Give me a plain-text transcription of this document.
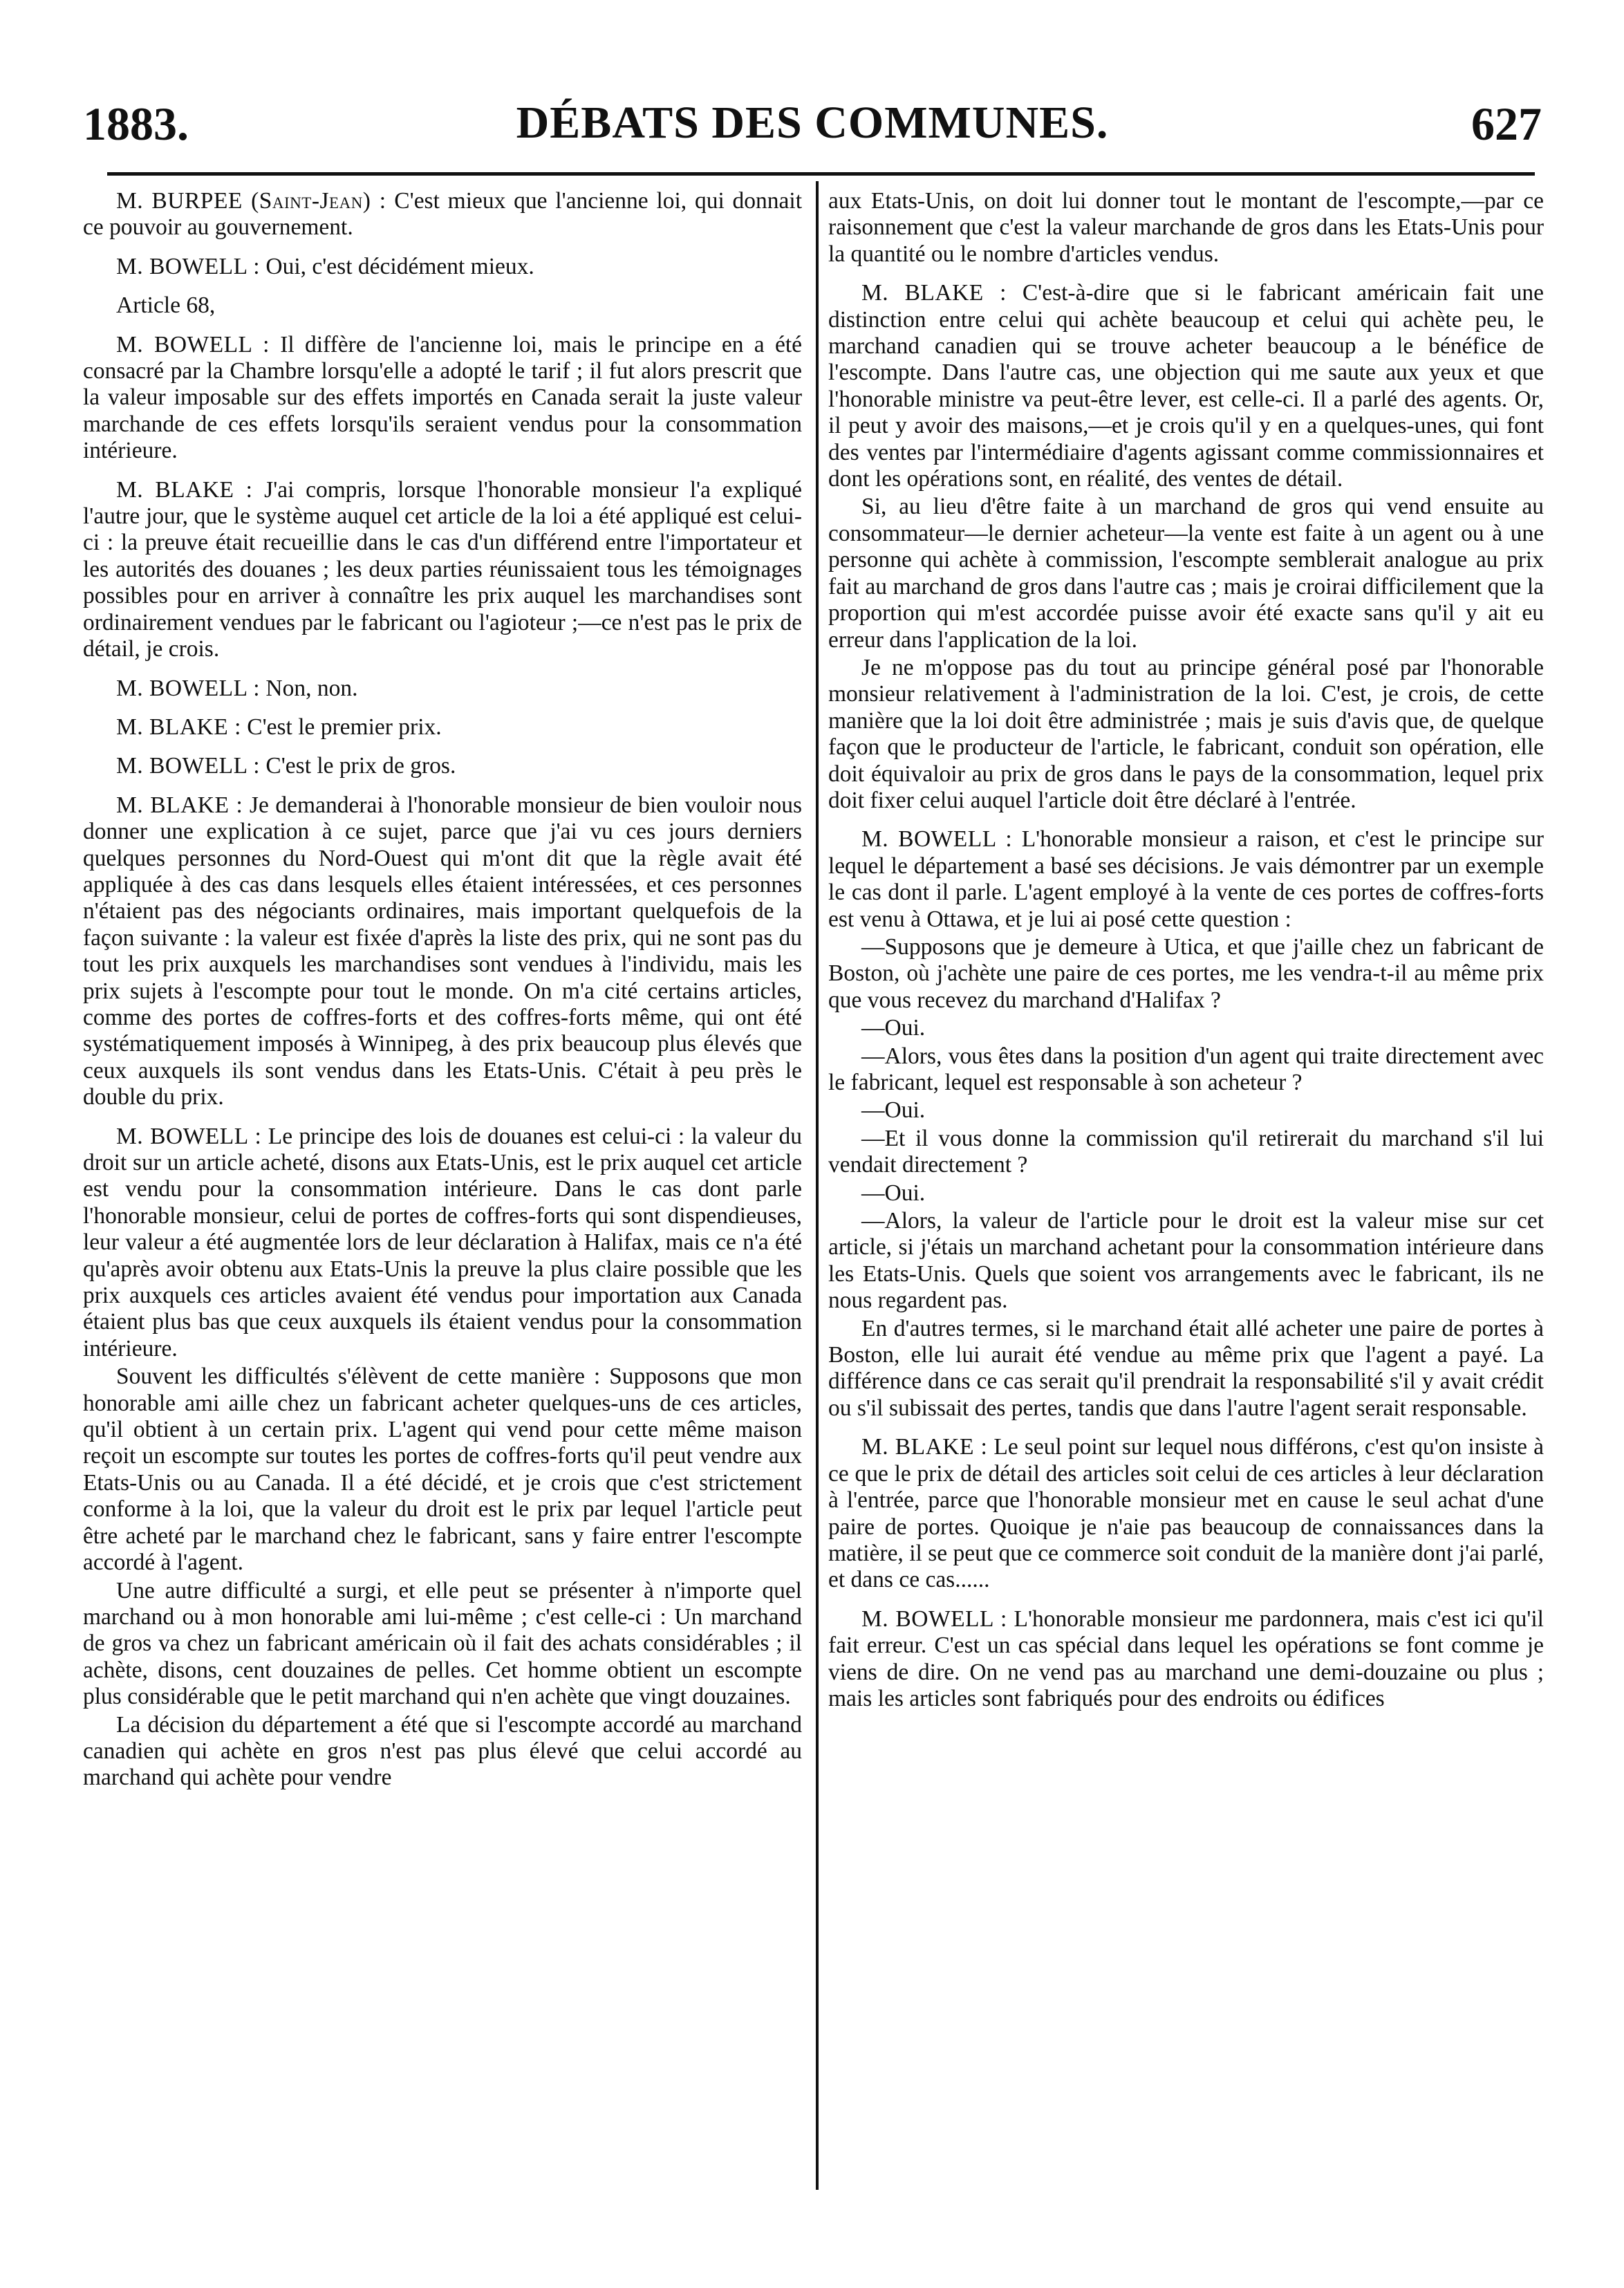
1883.	DÉBATS DES COMMUNES.	627

M. BURPEE (Saint-Jean) : C'est mieux que l'ancienne loi, qui donnait ce pouvoir au gouvernement.

M. BOWELL : Oui, c'est décidément mieux.

Article 68,

M. BOWELL : Il diffère de l'ancienne loi, mais le principe en a été consacré par la Chambre lorsqu'elle a adopté le tarif ; il fut alors prescrit que la valeur imposable sur des effets importés en Canada serait la juste valeur marchande de ces effets lorsqu'ils seraient vendus pour la consommation intérieure.

M. BLAKE : J'ai compris, lorsque l'honorable monsieur l'a expliqué l'autre jour, que le système auquel cet article de la loi a été appliqué est celui-ci : la preuve était recueillie dans le cas d'un différend entre l'importateur et les autorités des douanes ; les deux parties réunissaient tous les témoignages possibles pour en arriver à connaître les prix auquel les marchandises sont ordinairement vendues par le fabricant ou l'agioteur ;—ce n'est pas le prix de détail, je crois.

M. BOWELL : Non, non.

M. BLAKE : C'est le premier prix.

M. BOWELL : C'est le prix de gros.

M. BLAKE : Je demanderai à l'honorable monsieur de bien vouloir nous donner une explication à ce sujet, parce que j'ai vu ces jours derniers quelques personnes du Nord-Ouest qui m'ont dit que la règle avait été appliquée à des cas dans lesquels elles étaient intéressées, et ces personnes n'étaient pas des négociants ordinaires, mais important quelquefois de la façon suivante : la valeur est fixée d'après la liste des prix, qui ne sont pas du tout les prix auxquels les marchandises sont vendues à l'individu, mais les prix sujets à l'escompte pour tout le monde. On m'a cité certains articles, comme des portes de coffres-forts et des coffres-forts même, qui ont été systématiquement imposés à Winnipeg, à des prix beaucoup plus élevés que ceux auxquels ils sont vendus dans les Etats-Unis. C'était à peu près le double du prix.

M. BOWELL : Le principe des lois de douanes est celui-ci : la valeur du droit sur un article acheté, disons aux Etats-Unis, est le prix auquel cet article est vendu pour la consommation intérieure. Dans le cas dont parle l'honorable monsieur, celui de portes de coffres-forts qui sont dispendieuses, leur valeur a été augmentée lors de leur déclaration à Halifax, mais ce n'a été qu'après avoir obtenu aux Etats-Unis la preuve la plus claire possible que les prix auxquels ces articles avaient été vendus pour importation aux Canada étaient plus bas que ceux auxquels ils étaient vendus pour la consommation intérieure.

Souvent les difficultés s'élèvent de cette manière : Supposons que mon honorable ami aille chez un fabricant acheter quelques-uns de ces articles, qu'il obtient à un certain prix. L'agent qui vend pour cette même maison reçoit un escompte sur toutes les portes de coffres-forts qu'il peut vendre aux Etats-Unis ou au Canada. Il a été décidé, et je crois que c'est strictement conforme à la loi, que la valeur du droit est le prix par lequel l'article peut être acheté par le marchand chez le fabricant, sans y faire entrer l'escompte accordé à l'agent.

Une autre difficulté a surgi, et elle peut se présenter à n'importe quel marchand ou à mon honorable ami lui-même ; c'est celle-ci : Un marchand de gros va chez un fabricant américain où il fait des achats considérables ; il achète, disons, cent douzaines de pelles. Cet homme obtient un escompte plus considérable que le petit marchand qui n'en achète que vingt douzaines.

La décision du département a été que si l'escompte accordé au marchand canadien qui achète en gros n'est pas plus élevé que celui accordé au marchand qui achète pour vendre

aux Etats-Unis, on doit lui donner tout le montant de l'escompte,—par ce raisonnement que c'est la valeur marchande de gros dans les Etats-Unis pour la quantité ou le nombre d'articles vendus.

M. BLAKE : C'est-à-dire que si le fabricant américain fait une distinction entre celui qui achète beaucoup et celui qui achète peu, le marchand canadien qui se trouve acheter beaucoup a le bénéfice de l'escompte. Dans l'autre cas, une objection qui me saute aux yeux et que l'honorable ministre va peut-être lever, est celle-ci. Il a parlé des agents. Or, il peut y avoir des maisons,—et je crois qu'il y en a quelques-unes, qui font des ventes par l'intermédiaire d'agents agissant comme commissionnaires et dont les opérations sont, en réalité, des ventes de détail.

Si, au lieu d'être faite à un marchand de gros qui vend ensuite au consommateur—le dernier acheteur—la vente est faite à un agent ou à une personne qui achète à commission, l'escompte semblerait analogue au prix fait au marchand de gros dans l'autre cas ; mais je croirai difficilement que la proportion qui m'est accordée puisse avoir été exacte sans qu'il y ait eu erreur dans l'application de la loi.

Je ne m'oppose pas du tout au principe général posé par l'honorable monsieur relativement à l'administration de la loi. C'est, je crois, de cette manière que la loi doit être administrée ; mais je suis d'avis que, de quelque façon que le producteur de l'article, le fabricant, conduit son opération, elle doit équivaloir au prix de gros dans le pays de la consommation, lequel prix doit fixer celui auquel l'article doit être déclaré à l'entrée.

M. BOWELL : L'honorable monsieur a raison, et c'est le principe sur lequel le département a basé ses décisions. Je vais démontrer par un exemple le cas dont il parle. L'agent employé à la vente de ces portes de coffres-forts est venu à Ottawa, et je lui ai posé cette question :

—Supposons que je demeure à Utica, et que j'aille chez un fabricant de Boston, où j'achète une paire de ces portes, me les vendra-t-il au même prix que vous recevez du marchand d'Halifax ?

—Oui.

—Alors, vous êtes dans la position d'un agent qui traite directement avec le fabricant, lequel est responsable à son acheteur ?

—Oui.

—Et il vous donne la commission qu'il retirerait du marchand s'il lui vendait directement ?

—Oui.

—Alors, la valeur de l'article pour le droit est la valeur mise sur cet article, si j'étais un marchand achetant pour la consommation intérieure dans les Etats-Unis. Quels que soient vos arrangements avec le fabricant, ils ne nous regardent pas.

En d'autres termes, si le marchand était allé acheter une paire de portes à Boston, elle lui aurait été vendue au même prix que l'agent a payé. La différence dans ce cas serait qu'il prendrait la responsabilité s'il y avait crédit ou s'il subissait des pertes, tandis que dans l'autre l'agent serait responsable.

M. BLAKE : Le seul point sur lequel nous différons, c'est qu'on insiste à ce que le prix de détail des articles soit celui de ces articles à leur déclaration à l'entrée, parce que l'honorable monsieur met en cause le seul achat d'une paire de portes. Quoique je n'aie pas beaucoup de connaissances dans la matière, il se peut que ce commerce soit conduit de la manière dont j'ai parlé, et dans ce cas......

M. BOWELL : L'honorable monsieur me pardonnera, mais c'est ici qu'il fait erreur. C'est un cas spécial dans lequel les opérations se font comme je viens de dire. On ne vend pas au marchand une demi-douzaine ou plus ; mais les articles sont fabriqués pour des endroits ou édifices
